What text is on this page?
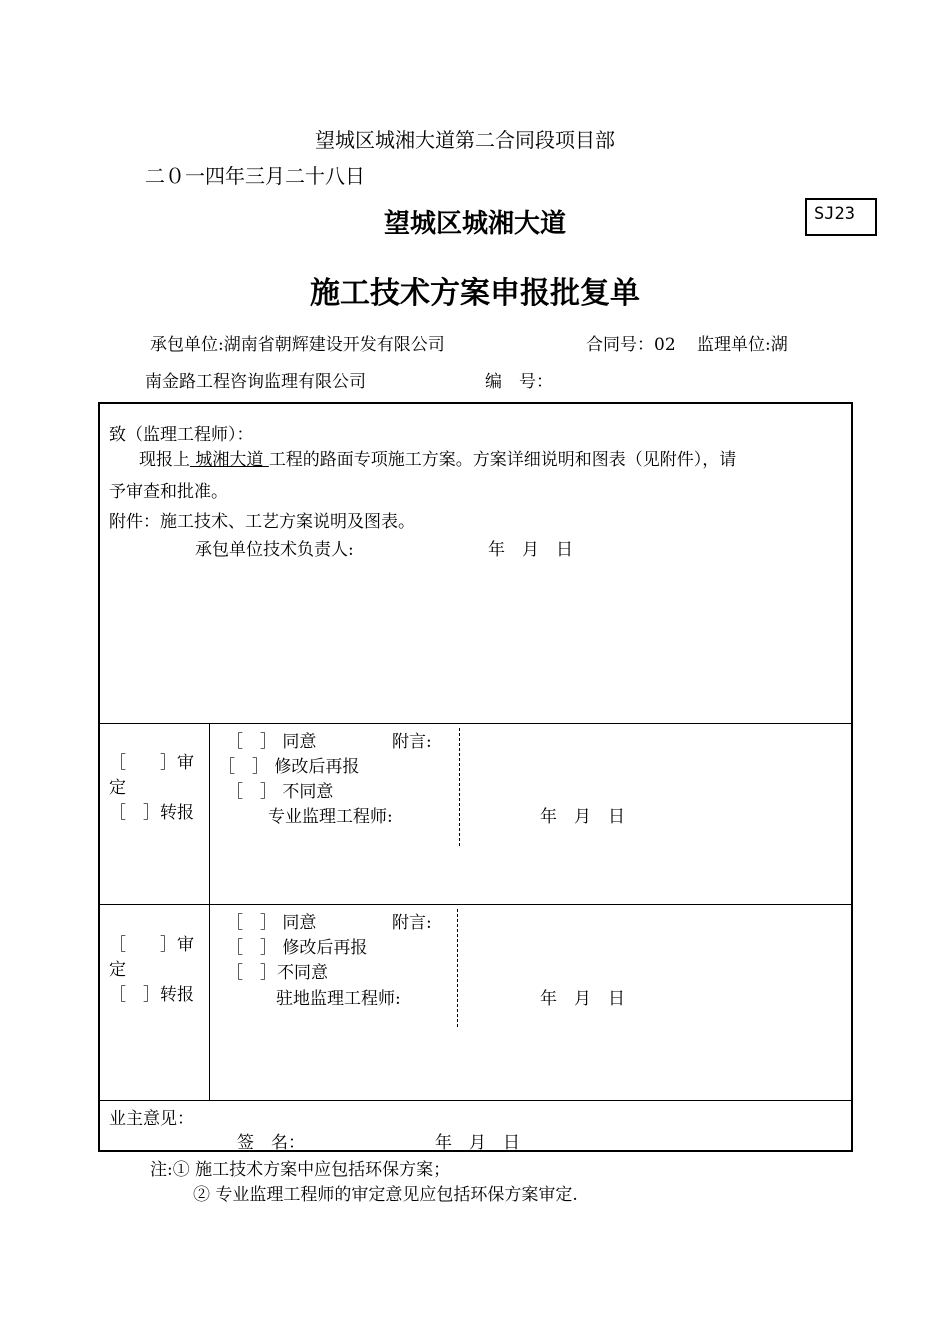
望城区城湘大道第二合同段项目部
二０一四年三月二十八日
SJ23
望城区城湘大道
施工技术方案申报批复单
承包单位:湖南省朝辉建设开发有限公司	合同号：02 监理单位:湖
南金路工程咨询监理有限公司	编　号：
致（监理工程师）：
现报上 城湘大道 工程的路面专项施工方案。方案详细说明和图表（见附件），请
予审查和批准。
附件：施工技术、工艺方案说明及图表。
承包单位技术负责人:	年　月　日
［　　］审
定
［　］转报
［　］ 同意	附言:
［　］ 修改后再报
［　］ 不同意
专业监理工程师:	年　月　日
［　　］审
定
［　］转报
［　］ 同意	附言:
［　］ 修改后再报
［　］不同意
驻地监理工程师:	年　月　日
业主意见：
签　名：	年　月　日
注:① 施工技术方案中应包括环保方案；
② 专业监理工程师的审定意见应包括环保方案审定.
